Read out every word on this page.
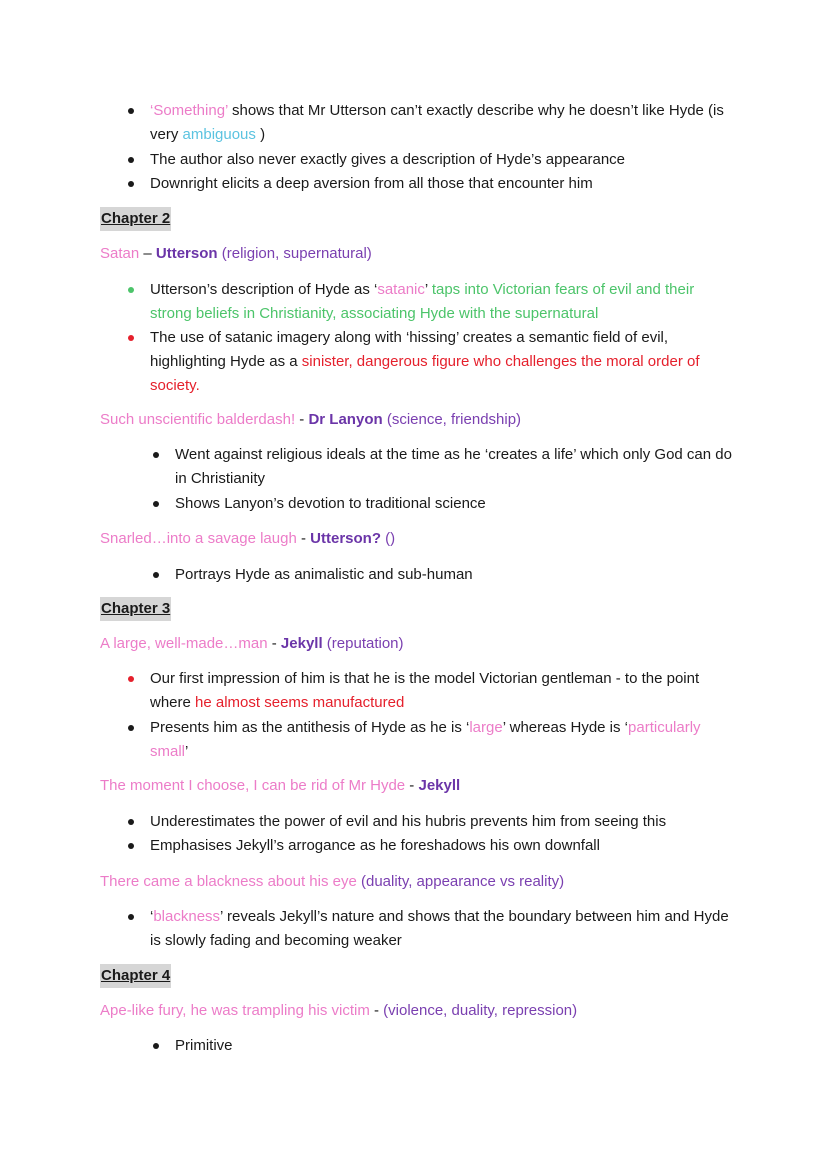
‘Something’ shows that Mr Utterson can’t exactly describe why he doesn’t like Hyde (is very ambiguous )
The author also never exactly gives a description of Hyde’s appearance
Downright elicits a deep aversion from all those that encounter him
Chapter 2
Satan – Utterson (religion, supernatural)
Utterson’s description of Hyde as ‘satanic’ taps into Victorian fears of evil and their strong beliefs in Christianity, associating Hyde with the supernatural
The use of satanic imagery along with ‘hissing’ creates a semantic field of evil, highlighting Hyde as a sinister, dangerous figure who challenges the moral order of society.
Such unscientific balderdash! - Dr Lanyon (science, friendship)
Went against religious ideals at the time as he ‘creates a life’ which only God can do in Christianity
Shows Lanyon’s devotion to traditional science
Snarled…into a savage laugh - Utterson? ()
Portrays Hyde as animalistic and sub-human
Chapter 3
A large, well-made…man - Jekyll (reputation)
Our first impression of him is that he is the model Victorian gentleman - to the point where he almost seems manufactured
Presents him as the antithesis of Hyde as he is ‘large’ whereas Hyde is ‘particularly small’
The moment I choose, I can be rid of Mr Hyde - Jekyll
Underestimates the power of evil and his hubris prevents him from seeing this
Emphasises Jekyll’s arrogance as he foreshadows his own downfall
There came a blackness about his eye (duality, appearance vs reality)
‘blackness’ reveals Jekyll’s nature and shows that the boundary between him and Hyde is slowly fading and becoming weaker
Chapter 4
Ape-like fury, he was trampling his victim - (violence, duality, repression)
Primitive
